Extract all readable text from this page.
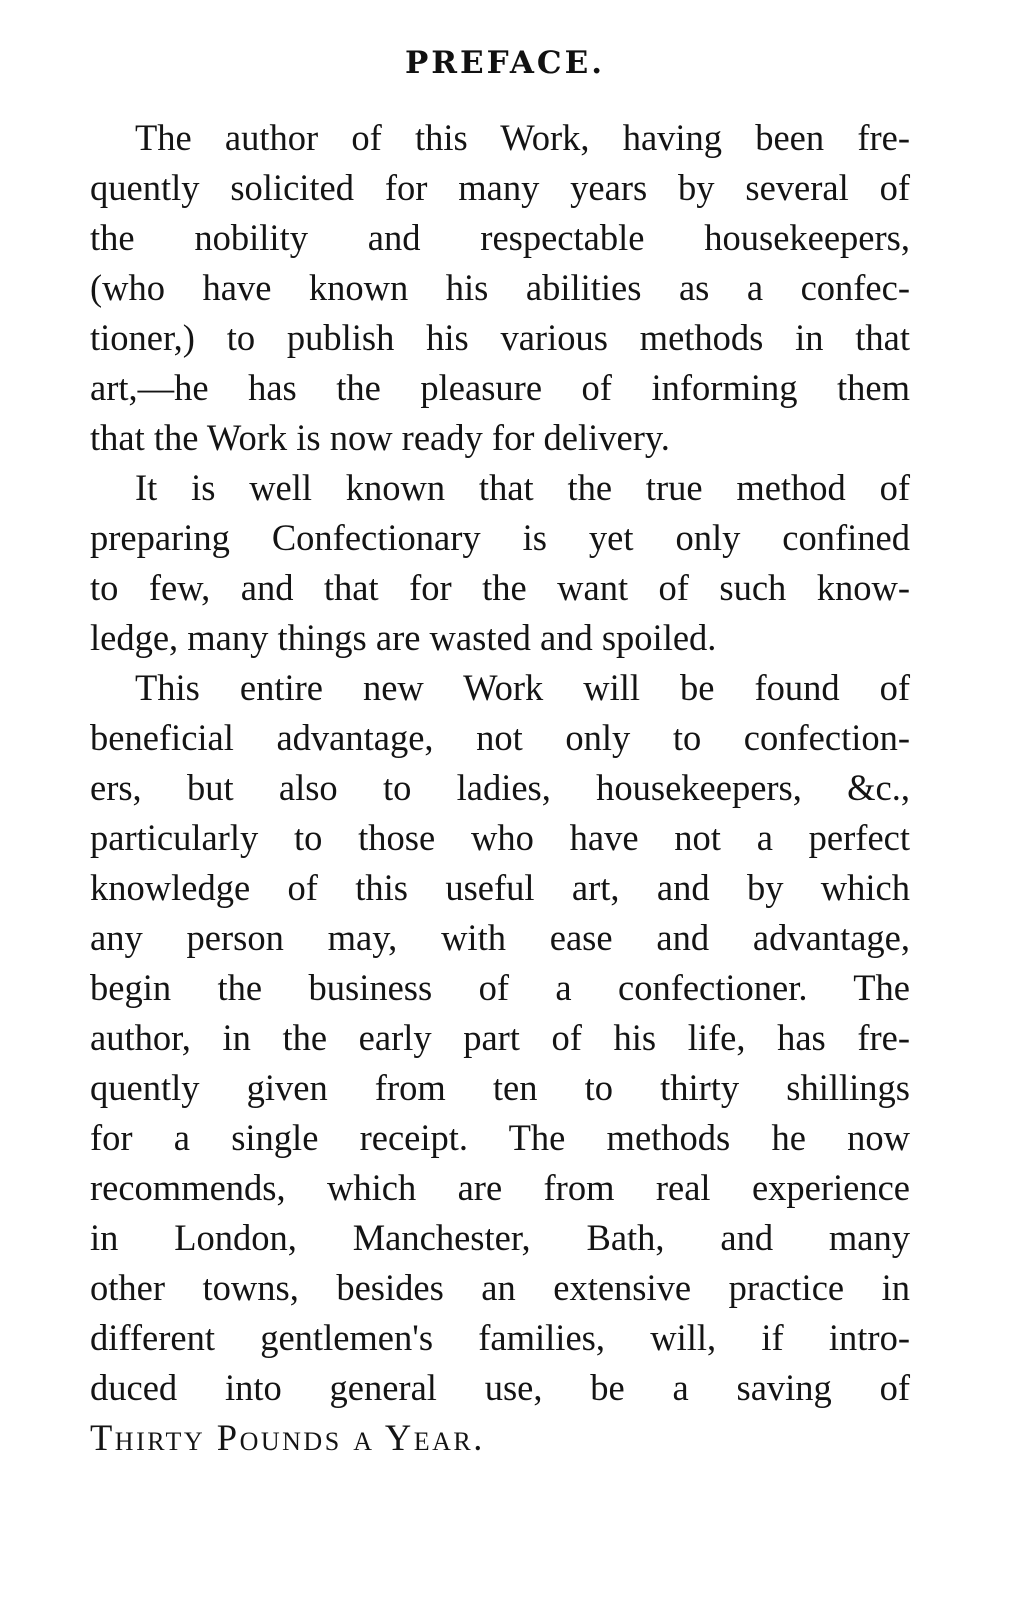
PREFACE.
The author of this Work, having been fre-
quently solicited for many years by several of
the nobility and respectable housekeepers,
(who have known his abilities as a confec-
tioner,) to publish his various methods in that
art,—he has the pleasure of informing them
that the Work is now ready for delivery.
It is well known that the true method of
preparing Confectionary is yet only confined
to few, and that for the want of such know-
ledge, many things are wasted and spoiled.
This entire new Work will be found of
beneficial advantage, not only to confection-
ers, but also to ladies, housekeepers, &c.,
particularly to those who have not a perfect
knowledge of this useful art, and by which
any person may, with ease and advantage,
begin the business of a confectioner. The
author, in the early part of his life, has fre-
quently given from ten to thirty shillings
for a single receipt. The methods he now
recommends, which are from real experience
in London, Manchester, Bath, and many
other towns, besides an extensive practice in
different gentlemen's families, will, if intro-
duced into general use, be a saving of
Thirty Pounds a Year.
